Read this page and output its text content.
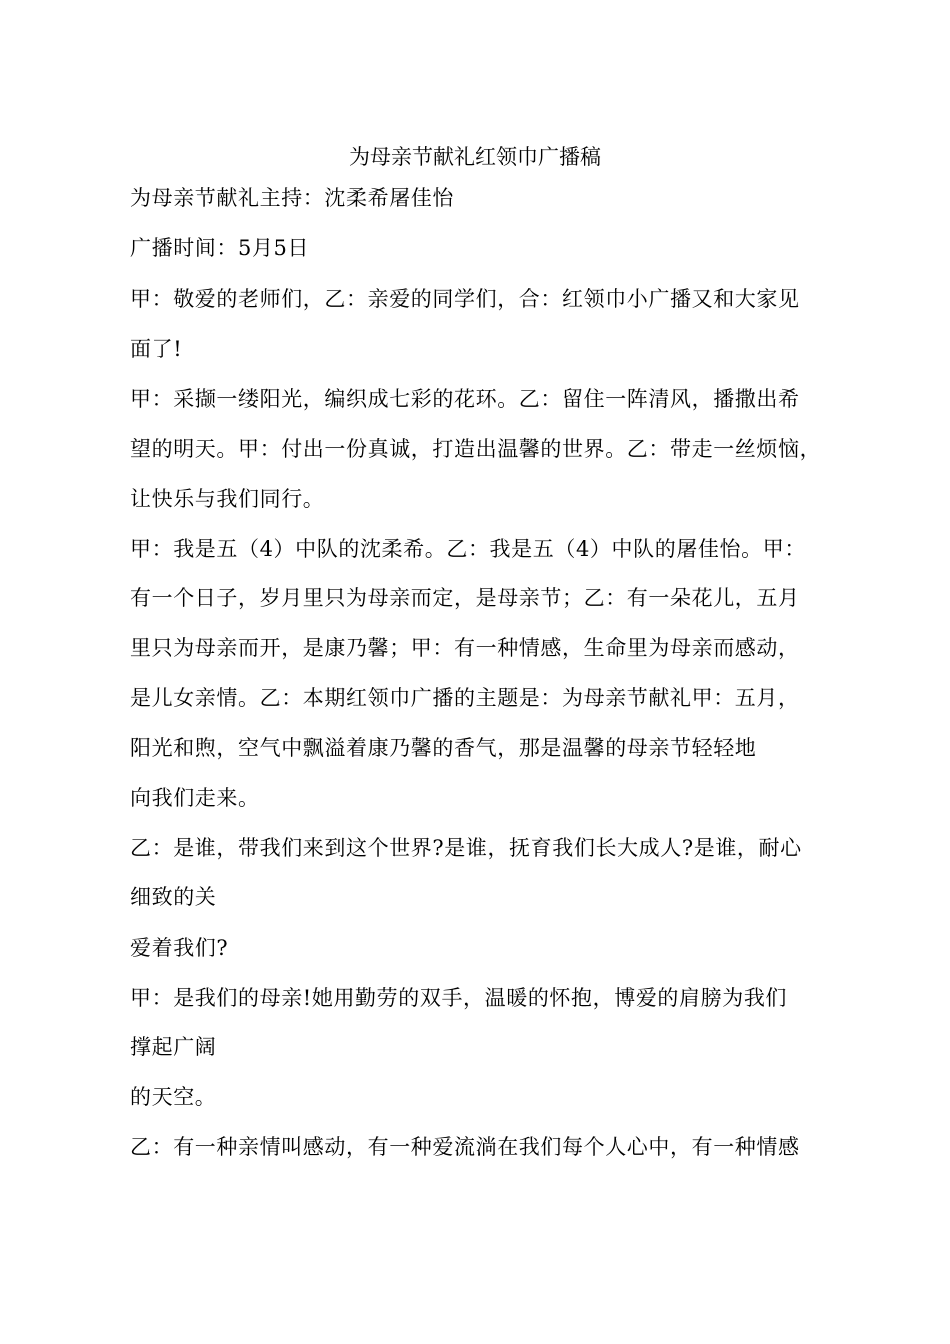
为母亲节献礼红领巾广播稿
为母亲节献礼主持：沈柔希屠佳怡
广播时间：5月5日
甲：敬爱的老师们，乙：亲爱的同学们，合：红领巾小广播又和大家见
面了!
甲：采撷一缕阳光，编织成七彩的花环。乙：留住一阵清风，播撒出希
望的明天。甲：付出一份真诚，打造出温馨的世界。乙：带走一丝烦恼，
让快乐与我们同行。
甲：我是五（4）中队的沈柔希。乙：我是五（4）中队的屠佳怡。甲：
有一个日子，岁月里只为母亲而定，是母亲节；乙：有一朵花儿，五月
里只为母亲而开，是康乃馨；甲：有一种情感，生命里为母亲而感动，
是儿女亲情。乙：本期红领巾广播的主题是：为母亲节献礼甲：五月，
阳光和煦，空气中飘溢着康乃馨的香气，那是温馨的母亲节轻轻地
向我们走来。
乙：是谁，带我们来到这个世界?是谁，抚育我们长大成人?是谁，耐心
细致的关
爱着我们?
甲：是我们的母亲!她用勤劳的双手，温暖的怀抱，博爱的肩膀为我们
撑起广阔
的天空。
乙：有一种亲情叫感动，有一种爱流淌在我们每个人心中，有一种情感
